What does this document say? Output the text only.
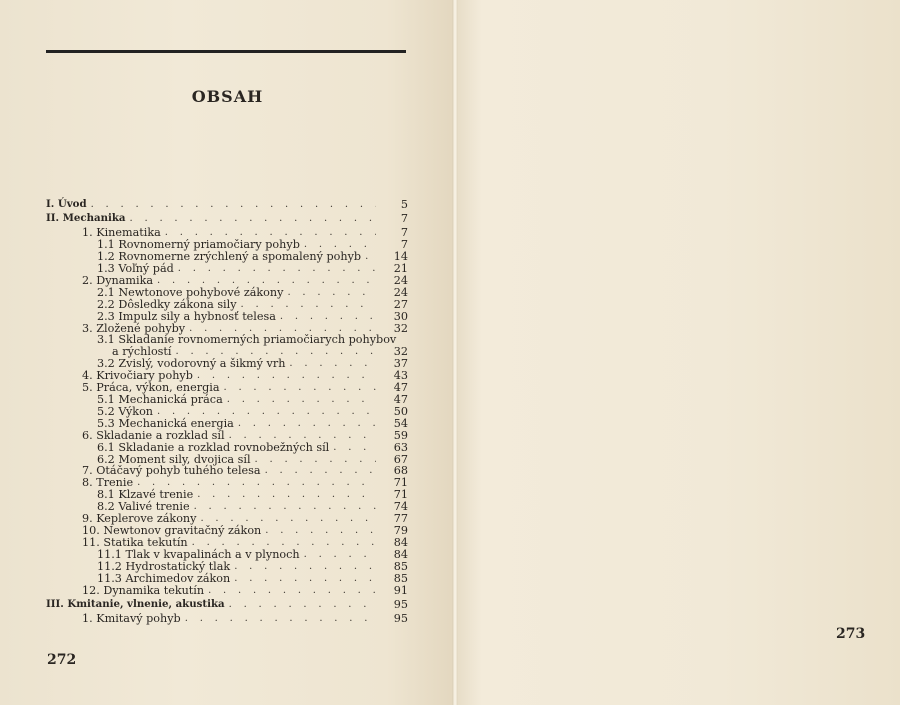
OBSAH
I. Úvod . . .	5
II. Mechanika . . .	7
1. Kinematika . . .	7
1.1 Rovnomerný priamočiary pohyb . . .	7
1.2 Rovnomerne zrýchlený a spomalený pohyb . . .	14
1.3 Voľný pád . . .	21
2. Dynamika . . .	24
2.1 Newtonove pohybové zákony . . .	24
2.2 Dôsledky zákona sily . . .	27
2.3 Impulz sily a hybnosť telesa . . .	30
3. Zložené pohyby . . .	32
3.1 Skladanie rovnomerných priamočiarych pohybov
a rýchlostí . . .	32
3.2 Zvislý, vodorovný a šikmý vrh . . .	37
4. Krivočiary pohyb . . .	43
5. Práca, výkon, energia . . .	47
5.1 Mechanická práca . . .	47
5.2 Výkon . . .	50
5.3 Mechanická energia . . .	54
6. Skladanie a rozklad síl . . .	59
6.1 Skladanie a rozklad rovnobežných síl . . .	63
6.2 Moment sily, dvojica síl . . .	67
7. Otáčavý pohyb tuhého telesa . . .	68
8. Trenie . . .	71
8.1 Klzavé trenie . . .	71
8.2 Valivé trenie . . .	74
9. Keplerove zákony . . .	77
10. Newtonov gravitačný zákon . . .	79
11. Statika tekutín . . .	84
11.1 Tlak v kvapalinách a v plynoch . . .	84
11.2 Hydrostatický tlak . . .	85
11.3 Archimedov zákon . . .	85
12. Dynamika tekutín . . .	91
III. Kmitanie, vlnenie, akustika . . .	95
1. Kmitavý pohyb . . .	95
272
273
